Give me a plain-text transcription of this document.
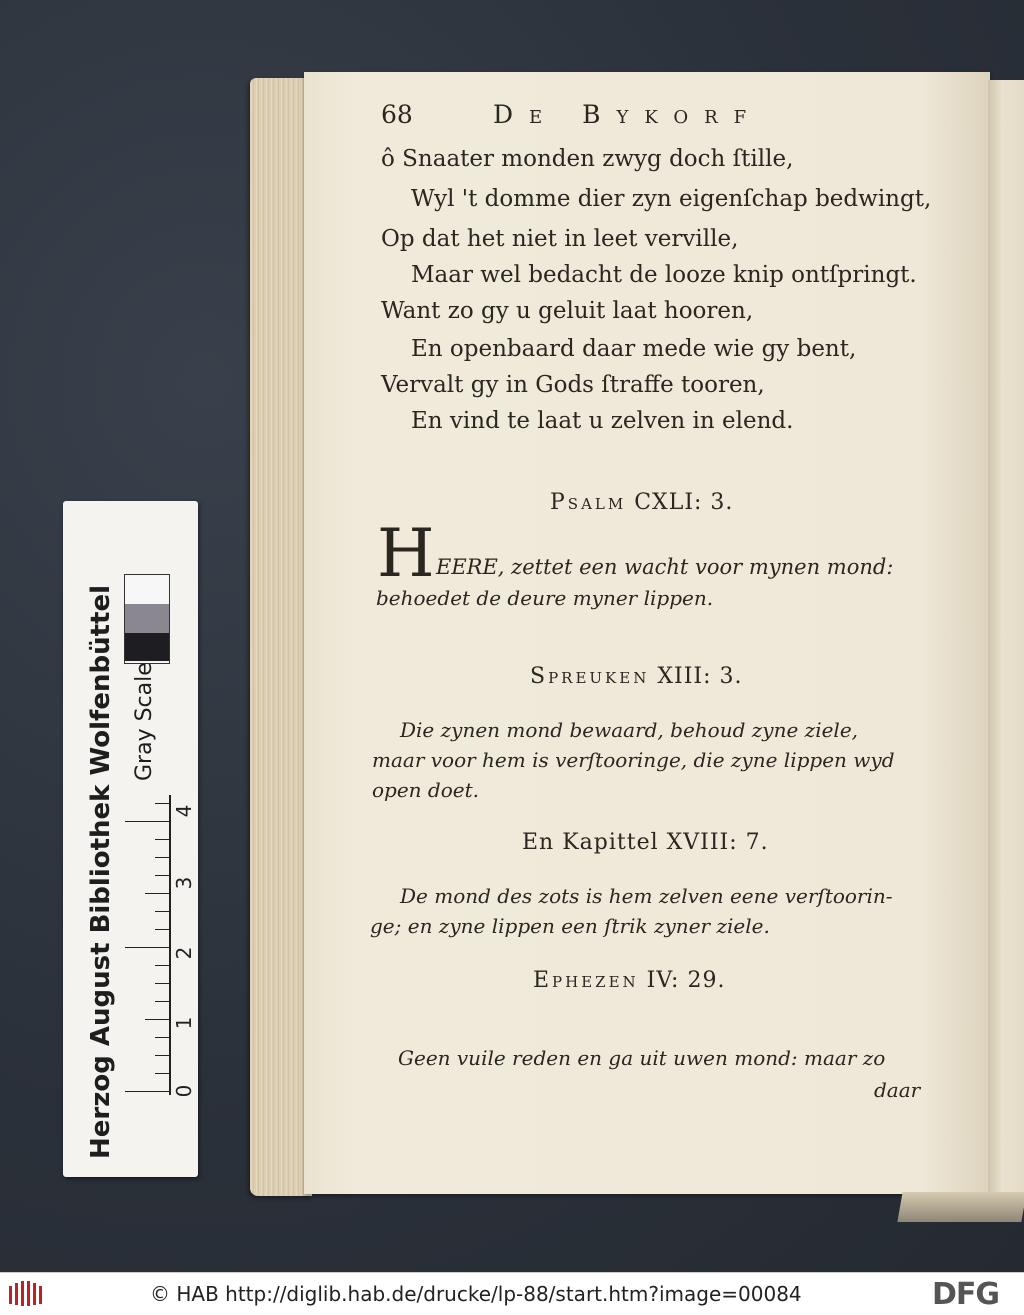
68	De Bykorf
ô Snaater monden zwyg doch ſtille,
Wyl 't domme dier zyn eigenſchap bedwingt,
Op dat het niet in leet verville,
Maar wel bedacht de looze knip ontſpringt.
Want zo gy u geluit laat hooren,
En openbaard daar mede wie gy bent,
Vervalt gy in Gods ſtraffe tooren,
En vind te laat u zelven in elend.
Psalm CXLI: 3.
H EERE, zettet een wacht voor mynen mond:
behoedet de deure myner lippen.
Spreuken XIII: 3.
Die zynen mond bewaard, behoud zyne ziele,
maar voor hem is verſtooringe, die zyne lippen wyd
open doet.
En Kapittel XVIII: 7.
De mond des zots is hem zelven eene verſtoorin-
ge; en zyne lippen een ſtrik zyner ziele.
Ephezen IV: 29.
Geen vuile reden en ga uit uwen mond: maar zo
daar
Herzog August Bibliothek Wolfenbüttel Gray Scale
0
1
2
3
4
© HAB http://diglib.hab.de/drucke/lp-88/start.htm?image=00084	DFG
